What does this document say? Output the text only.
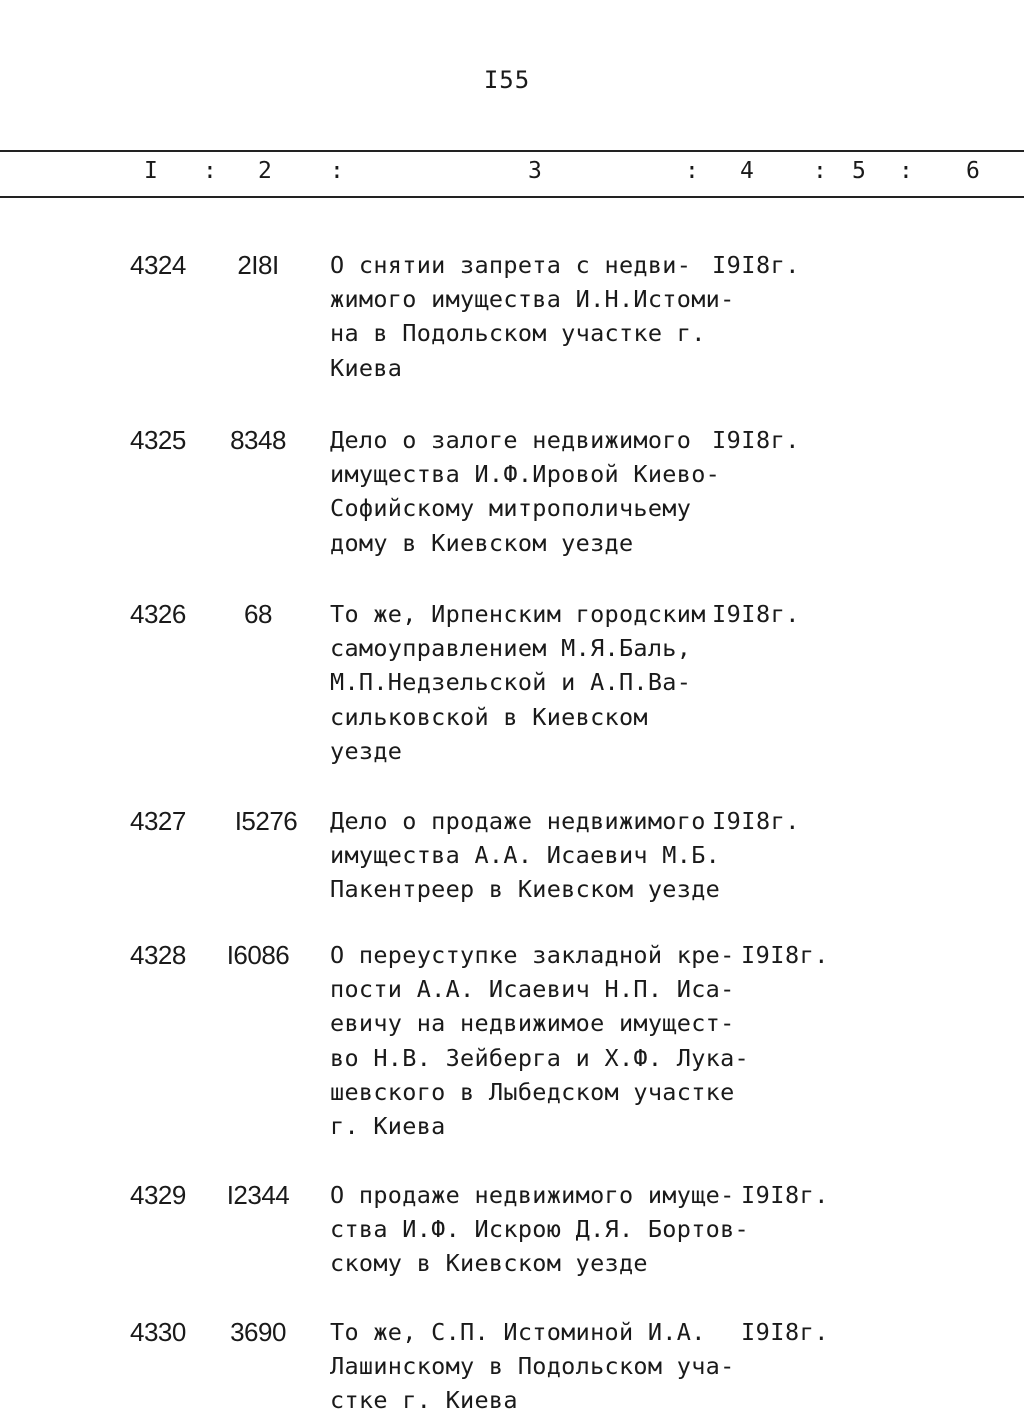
I55
I : 2	:	3	: 4	: 5 : 6
4324	2I8I	О снятии запрета с недви-
жимого имущества И.Н.Истоми-
на в Подольском участке г.
Киева
I9I8г.
4325	8348	Дело о залоге недвижимого
имущества И.Ф.Ировой Киево-
Софийскому митрополичьему
дому в Киевском уезде
I9I8г.
4326	68	То же, Ирпенским городским
самоуправлением М.Я.Баль,
М.П.Недзельской и А.П.Ва-
сильковской в Киевском
уезде
I9I8г.
4327	I5276	Дело о продаже недвижимого
имущества А.А. Исаевич М.Б.
Пакентреер в Киевском уезде
I9I8г.
4328	I6086	О переуступке закладной кре-
пости А.А. Исаевич Н.П. Иса-
евичу на недвижимое имущест-
во Н.В. Зейберга и Х.Ф. Лука-
шевского в Лыбедском участке
г. Киева
I9I8г.
4329	I2344	О продаже недвижимого имуще-
ства И.Ф. Искрою Д.Я. Бортов-
скому в Киевском уезде
I9I8г.
4330	3690	То же, С.П. Истоминой И.А.
Лашинскому в Подольском уча-
стке г. Киева
I9I8г.
